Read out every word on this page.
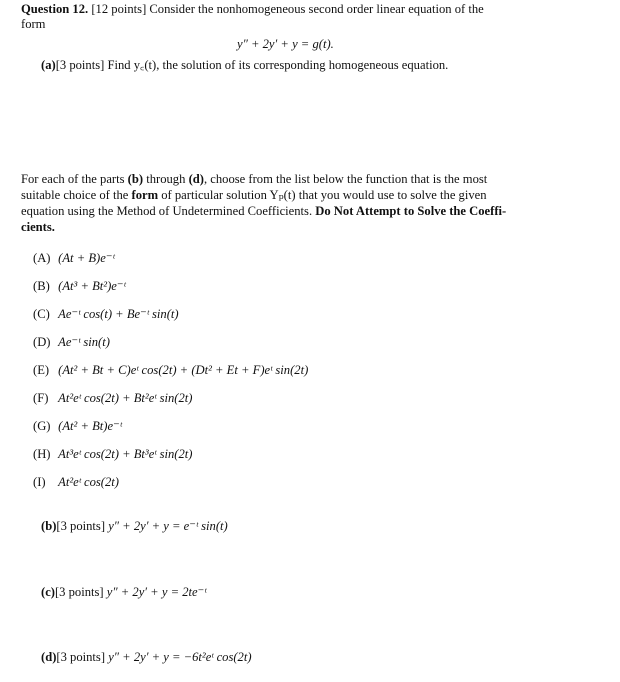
Question 12. [12 points] Consider the nonhomogeneous second order linear equation of the
form
y″ + 2y′ + y = g(t).
(a)[3 points] Find y꜀(t), the solution of its corresponding homogeneous equation.
For each of the parts (b) through (d), choose from the list below the function that is the most
suitable choice of the form of particular solution Yₚ(t) that you would use to solve the given
equation using the Method of Undetermined Coefficients. Do Not Attempt to Solve the Coeffi-
cients.
(A) (At + B)e⁻ᵗ
(B) (At³ + Bt²)e⁻ᵗ
(C) Ae⁻ᵗ cos(t) + Be⁻ᵗ sin(t)
(D) Ae⁻ᵗ sin(t)
(E) (At² + Bt + C)eᵗ cos(2t) + (Dt² + Et + F)eᵗ sin(2t)
(F) At²eᵗ cos(2t) + Bt²eᵗ sin(2t)
(G) (At² + Bt)e⁻ᵗ
(H) At³eᵗ cos(2t) + Bt³eᵗ sin(2t)
(I) At²eᵗ cos(2t)
(b)[3 points] y″ + 2y′ + y = e⁻ᵗ sin(t)
(c)[3 points] y″ + 2y′ + y = 2te⁻ᵗ
(d)[3 points] y″ + 2y′ + y = −6t²eᵗ cos(2t)
